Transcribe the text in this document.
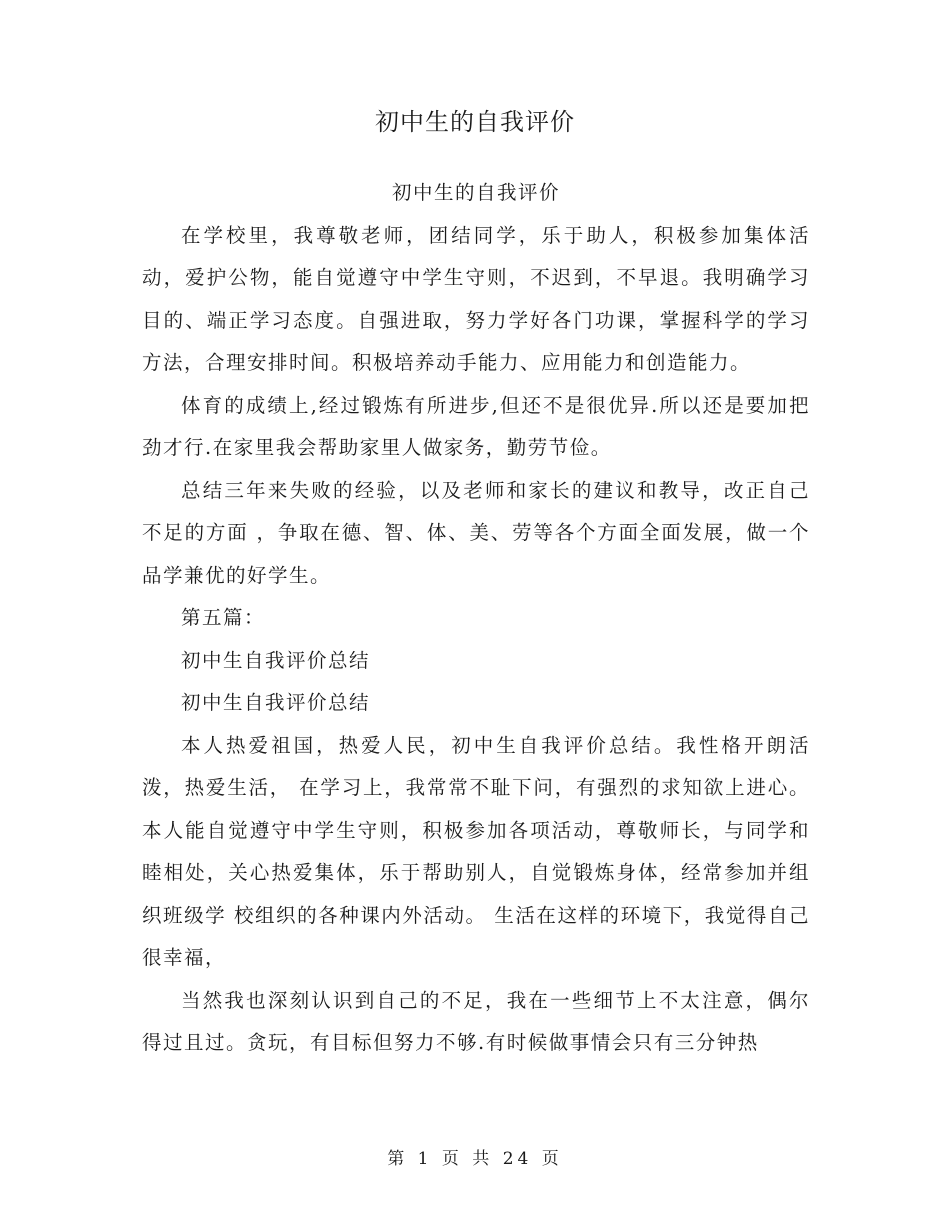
初中生的自我评价

初中生的自我评价

在学校里，我尊敬老师，团结同学，乐于助人，积极参加集体活动，爱护公物，能自觉遵守中学生守则，不迟到，不早退。我明确学习目的、端正学习态度。自强进取，努力学好各门功课，掌握科学的学习方法，合理安排时间。积极培养动手能力、应用能力和创造能力。

体育的成绩上,经过锻炼有所进步,但还不是很优异.所以还是要加把劲才行.在家里我会帮助家里人做家务，勤劳节俭。

总结三年来失败的经验，以及老师和家长的建议和教导，改正自己不足的方面 ，争取在德、智、体、美、劳等各个方面全面发展，做一个品学兼优的好学生。

第五篇：

初中生自我评价总结

初中生自我评价总结

本人热爱祖国，热爱人民，初中生自我评价总结。我性格开朗活泼，热爱生活， 在学习上，我常常不耻下问，有强烈的求知欲上进心。 本人能自觉遵守中学生守则，积极参加各项活动，尊敬师长，与同学和睦相处，关心热爱集体，乐于帮助别人，自觉锻炼身体，经常参加并组织班级学 校组织的各种课内外活动。 生活在这样的环境下，我觉得自己很幸福，

当然我也深刻认识到自己的不足，我在一些细节上不太注意，偶尔得过且过。贪玩，有目标但努力不够.有时候做事情会只有三分钟热

第 1 页 共 24 页
